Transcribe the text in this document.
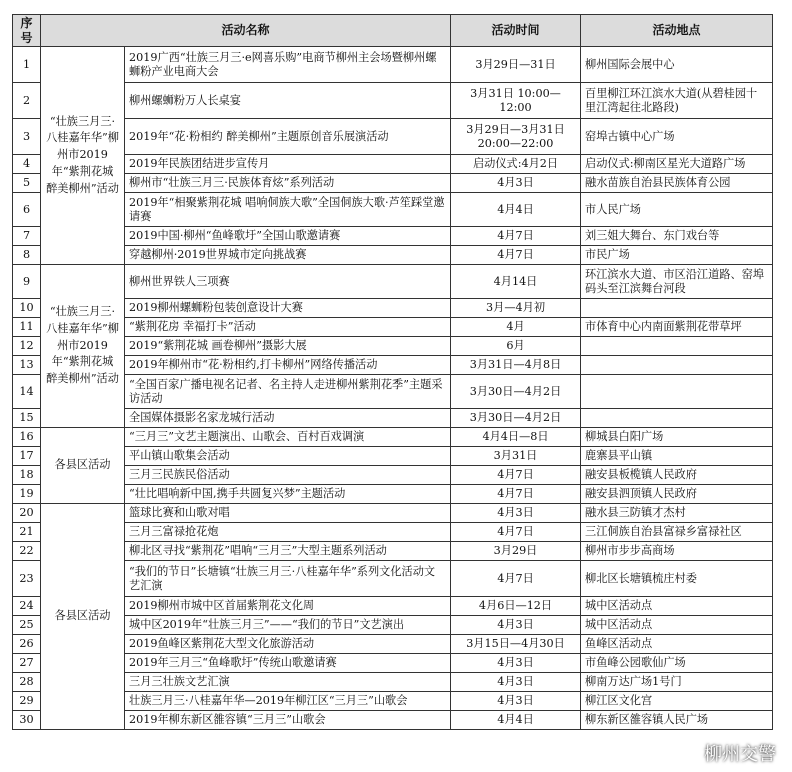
序号	活动名称		活动时间	活动地点
1	“壮族三月三·八桂嘉年华”柳州市2019年“紫荆花城 醉美柳州”活动	2019广西“壮族三月三·e网喜乐购”电商节柳州主会场暨柳州螺蛳粉产业电商大会	3月29日—31日	柳州国际会展中心
2		柳州螺蛳粉万人长桌宴	3月31日 10:00—12:00	百里柳江环江滨水大道(从碧桂园十里江湾起往北路段)
3		2019年“花·粉相约 醉美柳州”主题原创音乐展演活动	3月29日—3月31日 20:00—22:00	窑埠古镇中心广场
4		2019年民族团结进步宣传月	启动仪式:4月2日	启动仪式:柳南区星光大道路广场
5		柳州市“壮族三月三·民族体育炫”系列活动	4月3日	融水苗族自治县民族体育公园
6		2019年“相聚紫荆花城 唱响侗族大歌”全国侗族大歌·芦笙踩堂邀请赛	4月4日	市人民广场
7		2019中国·柳州“鱼峰歌圩”全国山歌邀请赛	4月7日	刘三姐大舞台、东门戏台等
8		穿越柳州·2019世界城市定向挑战赛	4月7日	市民广场
9	“壮族三月三·八桂嘉年华”柳州市2019年“紫荆花城 醉美柳州”活动	柳州世界铁人三项赛	4月14日	环江滨水大道、市区沿江道路、窑埠码头至江滨舞台河段
10		2019柳州螺蛳粉包装创意设计大赛	3月—4月初	
11		“紫荆花房 幸福打卡”活动	4月	市体育中心内南面紫荆花带草坪
12		2019“紫荆花城 画卷柳州”摄影大展	6月	
13		2019年柳州市“花·粉相约,打卡柳州”网络传播活动	3月31日—4月8日	
14		“全国百家广播电视名记者、名主持人走进柳州紫荆花季”主题采访活动	3月30日—4月2日	
15		全国媒体摄影名家龙城行活动	3月30日—4月2日	
16	各县区活动	“三月三”文艺主题演出、山歌会、百村百戏调演	4月4日—8日	柳城县白阳广场
17		平山镇山歌集会活动	3月31日	鹿寨县平山镇
18		三月三民族民俗活动	4月7日	融安县板榄镇人民政府
19		“壮比唱响新中国,携手共圆复兴梦”主题活动	4月7日	融安县泗顶镇人民政府
20	各县区活动	篮球比赛和山歌对唱	4月3日	融水县三防镇才杰村
21		三月三富禄抢花炮	4月7日	三江侗族自治县富禄乡富禄社区
22		柳北区寻找“紫荆花”唱响“三月三”大型主题系列活动	3月29日	柳州市步步高商场
23		“我们的节日”长塘镇“壮族三月三·八桂嘉年华”系列文化活动文艺汇演	4月7日	柳北区长塘镇梳庄村委
24		2019柳州市城中区首届紫荆花文化周	4月6日—12日	城中区活动点
25		城中区2019年“壮族三月三”——“我们的节日”文艺演出	4月3日	城中区活动点
26		2019鱼峰区紫荆花大型文化旅游活动	3月15日—4月30日	鱼峰区活动点
27		2019年三月三“鱼峰歌圩”传统山歌邀请赛	4月3日	市鱼峰公园歌仙广场
28		三月三壮族文艺汇演	4月3日	柳南万达广场1号门
29		壮族三月三·八桂嘉年华—2019年柳江区“三月三”山歌会	4月3日	柳江区文化宫
30		2019年柳东新区雒容镇“三月三”山歌会	4月4日	柳东新区雒容镇人民广场
柳州交警
